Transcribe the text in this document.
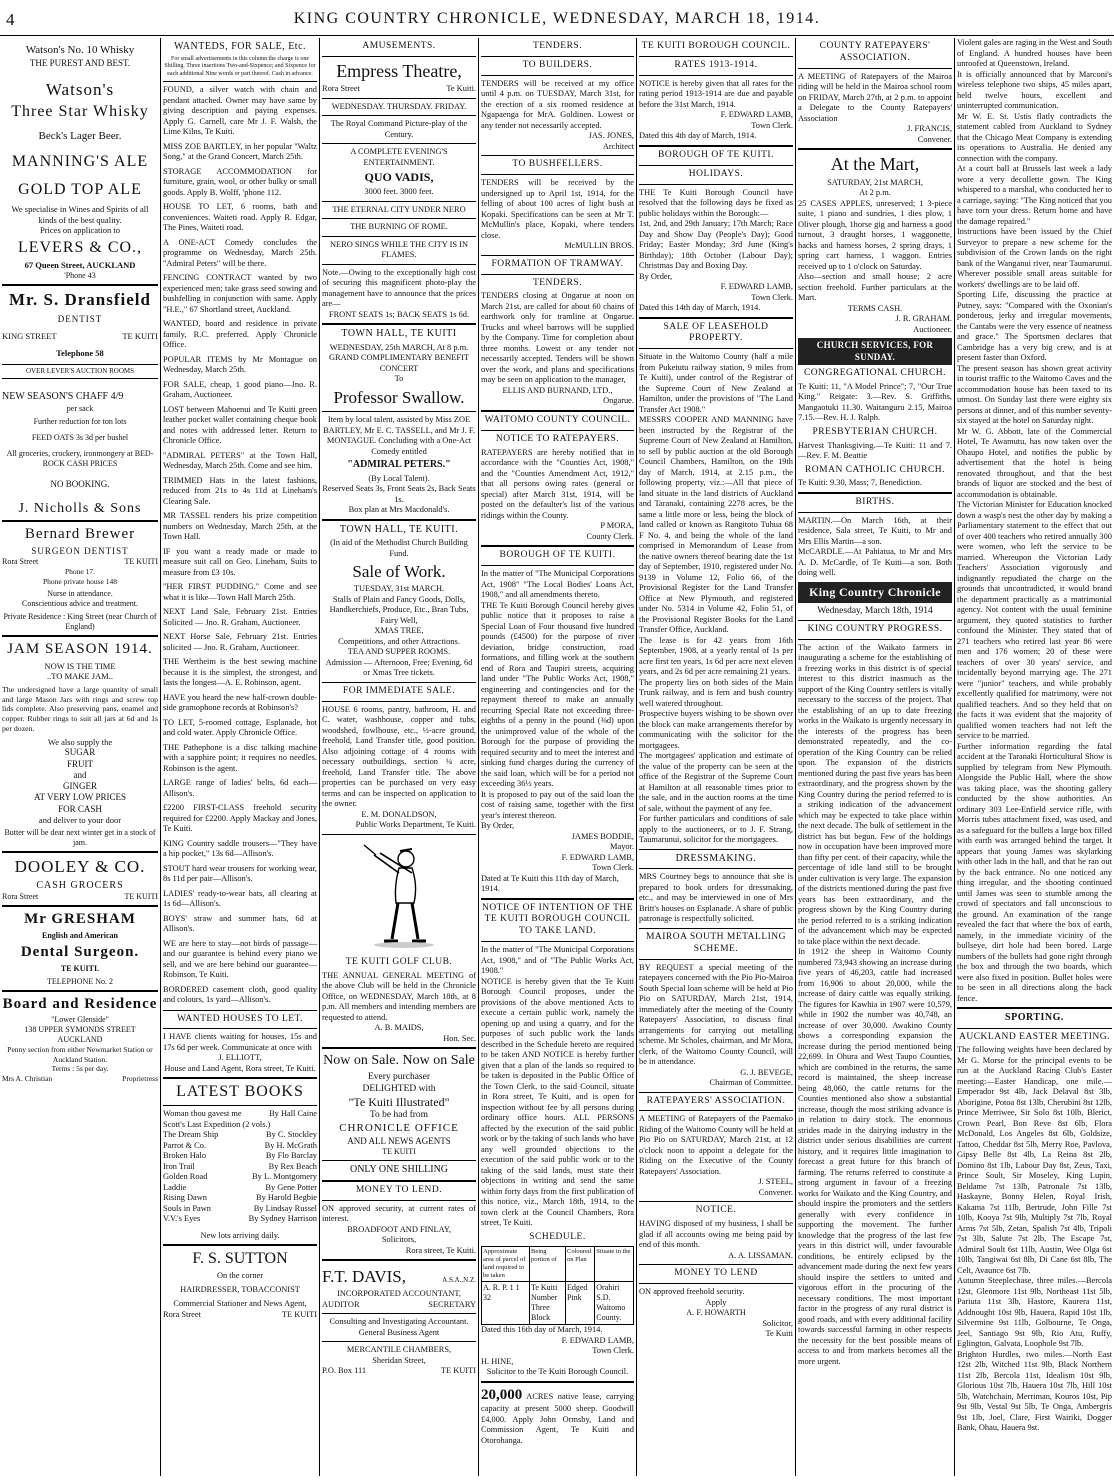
4	KING COUNTRY CHRONICLE, WEDNESDAY, MARCH 18, 1914.
Watson's No. 10 Whisky
THE PUREST AND BEST.
Watson's
Three Star Whisky
Beck's Lager Beer.
MANNING'S ALE
GOLD TOP ALE
We specialise in Wines and Spirits of all kinds of the best quality.
Prices on application to
LEVERS & CO.,
67 Queen Street, AUCKLAND
'Phone 43
Mr. S. Dransfield
DENTIST
KING STREET	TE KUITI
Telephone 58
OVER LEVER'S AUCTION ROOMS
NEW SEASON'S CHAFF 4/9
per sack
Further reduction for ton lots
FEED OATS 3s 3d per bushel
All groceries, crockery, ironmongery at BED-ROCK CASH PRICES
NO BOOKING.
J. Nicholls & Sons
Bernard Brewer
SURGEON DENTIST
Rora Street	TE KUITI
Phone 17.
Phone private house 148
Nurse in attendance.
Conscientious advice and treatment.
Private Residence : King Street (near Church of England)
JAM SEASON 1914.
NOW IS THE TIME
..TO MAKE JAM..
The undersigned have a large quantity of small and large Mason Jars with rings and screw top lids complete. Also preserving pans, enamel and copper. Rubber rings to suit all jars at 6d and 1s per dozen.
We also supply the
SUGAR
FRUIT
and
GINGER
AT VERY LOW PRICES
FOR CASH
and deliver to your door
Butter will be dear next winter get in a stock of jam.
DOOLEY & CO.
CASH GROCERS
Rora Street	TE KUITI
Mr GRESHAM
English and American
Dental Surgeon.
TE KUITI.
TELEPHONE No. 2
Board and Residence
"Lower Glenside"
138 UPPER SYMONDS STREET
AUCKLAND
Penny section from either Newmarket Station or Auckland Station.
Terms : 5s per day.
Mrs A. Christian	Proprietress
WANTEDS, FOR SALE, Etc.
For small advertisements in this column the charge is one Shilling. Three insertions Two-and-Sixpence; and Sixpence for each additional Nine words or part thereof. Cash in advance.

FOUND, a silver watch with chain and pendant attached. Owner may have same by giving description and paying expenses. Apply G. Carnell, care Mr J. F. Walsh, the Lime Kilns, Te Kuiti.

MISS ZOE BARTLEY, in her popular "Waltz Song," at the Grand Concert, March 25th.

STORAGE ACCOMMODATION for furniture, grain, wool, or other bulky or small goods. Apply B. Wolff, 'phone 112.

HOUSE TO LET, 6 rooms, bath and conveniences. Waiteti road. Apply R. Edgar, The Pines, Waiteti road.

A ONE-ACT Comedy concludes the programme on Wednesday, March 25th. "Admiral Peters" will be there.

FENCING CONTRACT wanted by two experienced men; take grass seed sowing and bushfelling in conjunction with same. Apply "H.E.," 67 Shortland street, Auckland.

WANTED, board and residence in private family, R.C. preferred. Apply Chronicle Office.

POPULAR ITEMS by Mr Montague on Wednesday, March 25th.

FOR SALE, cheap, 1 good piano—Jno. R. Graham, Auctioneer.

LOST between Mahoenui and Te Kuiti green leather pocket wallet containing cheque book and notes with addressed letter. Return to Chronicle Office.

"ADMIRAL PETERS" at the Town Hall, Wednesday, March 25th. Come and see him.

TRIMMED Hats in the latest fashions, reduced from 21s to 4s 11d at Lineham's Clearing Sale.

MR TASSEL renders his prize competition numbers on Wednesday, March 25th, at the Town Hall.

IF you want a ready made or made to measure suit call on Geo. Lineham, Suits to measure from £3 10s.

"HER FIRST PUDDING." Come and see what it is like—Town Hall March 25th.

NEXT Land Sale, February 21st. Entries Solicited — Jno. R. Graham, Auctioneer.

NEXT Horse Sale, February 21st. Entries solicited — Jno. R. Graham, Auctioneer.

THE Wertheim is the best sewing machine because it is the simplest, the strongest, and lasts the longest—A. E. Robinson, agent.

HAVE you heard the new half-crown double-side gramophone records at Robinson's?

TO LET, 5-roomed cottage, Esplanade, hot and cold water. Apply Chronicle Office.

THE Pathephone is a disc talking machine with a sapphire point; it requires no needles. Robinson is the agent.

LARGE range of ladies' belts, 6d each—Allison's.

£2200 FIRST-CLASS freehold security required for £2200. Apply Mackay and Jones, Te Kuiti.

KING Country saddle trousers—"They have a hip pocket," 13s 6d—Allison's.

STOUT hard wear trousers for working wear, 8s 11d per pair—Allison's.

LADIES' ready-to-wear hats, all clearing at 1s 6d—Allison's.

BOYS' straw and summer hats, 6d at Allison's.

WE are here to stay—not birds of passage—and our guarantee is behind every piano we sell, and we are here behind our guarantee—Robinson, Te Kuiti.

BORDERED casement cloth, good quality and colours, 1s yard—Allison's.

WANTED HOUSES TO LET.

I HAVE clients waiting for houses, 15s and 17s 6d per week. Communicate at once with

J. ELLIOTT,
House and Land Agent, Rora street, Te Kuiti.
LATEST BOOKS
Woman thou gavest me	By Hall Caine
Scott's Last Expedition (2 vols.)
The Dream Ship	By C. Stockley
Parrot & Co.	By H. McGrath
Broken Halo	By Flo Barclay
Iron Trail	By Rex Beach
Golden Road	By L. Montgomery
Laddie	By Gene Potter
Rising Dawn	By Harold Begbie
Souls in Pawn	By Lindsay Russel
V.V.'s Eyes	By Sydney Harrison
New lots arriving daily.
F. S. SUTTON
On the corner
HAIRDRESSER, TOBACCONIST
Commercial Stationer and News Agent,
Rora Street	TE KUITI
AMUSEMENTS.
Empress Theatre,
Rora Street	Te Kuiti.
WEDNESDAY. THURSDAY. FRIDAY.
The Royal Command Picture-play of the Century.
A COMPLETE EVENING'S ENTERTAINMENT.
QUO VADIS,
3000 feet. 3000 feet.
THE ETERNAL CITY UNDER NERO
THE BURNING OF ROME.
NERO SINGS WHILE THE CITY IS IN FLAMES.

Note.—Owing to the exceptionally high cost of securing this magnificent photo-play the management have to announce that the prices are—

FRONT SEATS 1s; BACK SEATS 1s 6d.

TOWN HALL, TE KUITI
WEDNESDAY, 25th MARCH, At 8 p.m.
GRAND COMPLIMENTARY BENEFIT CONCERT
To
Professor Swallow.

Item by local talent, assisted by Miss ZOE BARTLEY, Mr E. C. TASSELL, and Mr J. F. MONTAGUE. Concluding with a One-Act Comedy entitled

"ADMIRAL PETERS."
(By Local Talent).
Reserved Seats 3s, Front Seats 2s, Back Seats 1s.
Box plan at Mrs Macdonald's.
TOWN HALL, TE KUITI.
(In aid of the Methodist Church Building Fund.
Sale of Work.
TUESDAY, 31st MARCH.

Stalls of Plain and Fancy Goods, Dolls, Handkerchiefs, Produce, Etc., Bran Tubs, Fairy Well,

XMAS TREE,
Competitions, and other Attractions.
TEA AND SUPPER ROOMS.

Admission — Afternoon, Free; Evening, 6d or Xmas Tree tickets.

FOR IMMEDIATE SALE.

HOUSE 6 rooms, pantry, bathroom, H. and C. water, washhouse, copper and tubs, woodshed, fowlhouse, etc., ½-acre ground, freehold, Land Transfer title, good position. Also adjoining cottage of 4 rooms with necessary outbuildings, section ¼ acre, freehold, Land Transfer title. The above properties can be purchased on very easy terms and can be inspected on application to the owner.

E. M. DONALDSON,
Public Works Department, Te Kuiti.
TE KUITI GOLF CLUB.

THE ANNUAL GENERAL MEETING of the above Club will be held in the Chronicle Office, on WEDNESDAY, March 18th, at 8 p.m. All members and intending members are requested to attend.

A. B. MAIDS,
Hon. Sec.
Now on Sale. Now on Sale
Every purchaser
DELIGHTED with
"Te Kuiti Illustrated"
To be had from
CHRONICLE OFFICE
AND ALL NEWS AGENTS
TE KUITI
ONLY ONE SHILLING
MONEY TO LEND.

ON approved security, at current rates of interest.

BROADFOOT AND FINLAY,
Solicitors,
Rora street, Te Kuiti.
F.T. DAVIS,	A.S.A.,N.Z.
INCORPORATED ACCOUNTANT,
AUDITOR	SECRETARY

Consulting and Investigating Accountant. General Business Agent

MERCANTILE CHAMBERS,
Sheridan Street,
P.O. Box 111	TE KUITI
TENDERS.
TO BUILDERS.

TENDERS will be received at my office until 4 p.m. on TUESDAY, March 31st, for the erection of a six roomed residence at Ngapaenga for MrA. Goldinen. Lowest or any tender not necessarily accepted.

JAS. JONES,
Architect
TO BUSHFELLERS.

TENDERS will be received by the undersigned up to April 1st, 1914, for the felling of about 100 acres of light bush at Kopaki. Specifications can be seen at Mr T. McMullin's place, Kopaki, where tenders close.

McMULLIN BROS.
FORMATION OF TRAMWAY.
TENDERS.

TENDERS closing at Ongarue at noon on March 21st, are called for about 60 chains of earthwork only for tramline at Ongarue. Trucks and wheel barrows will be supplied by the Company. Time for completion about three months. Lowest or any tender not necessarily accepted. Tenders will be shown over the work, and plans and specifications may be seen on application to the manager,

ELLIS AND BURNAND, LTD.,
Ongarue.
WAITOMO COUNTY COUNCIL.
NOTICE TO RATEPAYERS.

RATEPAYERS are hereby notified that in accordance with the "Counties Act, 1908," and the "Counties Amendment Act, 1912," that all persons owing rates (general or special) after March 31st, 1914, will be posted on the defaulter's list of the various ridings within the County.

P MORA,
County Clerk.
BOROUGH OF TE KUITI.

In the matter of "The Municipal Corporations Act, 1908" "The Local Bodies' Loans Act, 1908," and all amendments thereto.

THE Te Kuiti Borough Council hereby gives public notice that it proposes to raise a Special Loan of Four thousand five hundred pounds (£4500) for the purpose of river deviation, bridge construction, road formations, and filling work at the southern end of Rora and Taupiri streets, acquiring land under "The Public Works Act, 1908," engineering and contingencies and for the repayment thereof to make an annually recurring Special Rate not exceeding three-eighths of a penny in the pound (⅜d) upon the unimproved value of the whole of the Borough for the purpose of providing the required security and to meet the interest and sinking fund charges during the currency of the said loan, which will be for a period not exceeding 36½ years.

It is proposed to pay out of the said loan the cost of raising same, together with the first year's interest thereon.

By Order,
JAMES BODDIE,
Mayor.
F. EDWARD LAMB,
Town Clerk.
Dated at Te Kuiti this 11th day of March, 1914.
NOTICE OF INTENTION OF THE TE KUITI BOROUGH COUNCIL TO TAKE LAND.

In the matter of "The Municipal Corporations Act, 1908," and of "The Public Works Act, 1908."

NOTICE is hereby given that the Te Kuiti Borough Council proposes, under the provisions of the above mentioned Acts to execute a certain public work, namely the opening up and using a quarry, and for the purposes of such public work the lands described in the Schedule hereto are required to be taken AND NOTICE is hereby further given that a plan of the lands so required to be taken is deposited in the Public Office of the Town Clerk, to the said Council, situate in Rora street, Te Kuiti, and is open for inspection without fee by all persons during ordinary office hours. ALL PERSONS affected by the execution of the said public work or by the taking of such lands who have any well grounded objections to the execution of the said public work or to the taking of the said lands, must state their objections in writing and send the same within forty days from the first publication of this notice, viz., March 18th, 1914, to the town clerk at the Council Chambers, Rora street, Te Kuiti.

SCHEDULE.
Approximate area of parcel of land required to be taken	Being portion of	Coloured on Plan	Situate in the
A. R. P. 1 1 32	Te Kuiti Number Three Block	Edged Pink	Orahiri S.D. Waitomo County.
Dated this 16th day of March, 1914.
F. EDWARD LAMB,
Town Clerk.
H. HINE,
Solicitor to the Te Kuiti Borough Council.

20,000 ACRES native lease, carrying capacity at present 5000 sheep. Goodwill £4,000. Apply John Ormsby, Land and Commission Agent, Te Kuiti and Otorohanga.

TE KUITI BOROUGH COUNCIL.
RATES 1913-1914.

NOTICE is hereby given that all rates for the rating period 1913-1914 are due and payable before the 31st March, 1914.

F. EDWARD LAMB,
Town Clerk.
Dated this 4th day of March, 1914.
BOROUGH OF TE KUITI.
HOLIDAYS.

THE Te Kuiti Borough Council have resolved that the following days be fixed as public holidays within the Borough:—

1st, 2nd, and 29th January; 17th March; Race Day and Show Day (People's Day); Good Friday; Easter Monday; 3rd June (King's Birthday); 18th October (Labour Day); Christmas Day and Boxing Day.

By Order,
F. EDWARD LAMB,
Town Clerk.
Dated this 14th day of March, 1914.
SALE OF LEASEHOLD PROPERTY.

Situate in the Waitomo County (half a mile from Puketutu railway station, 9 miles from Te Kuiti), under control of the Registrar of the Supreme Court of New Zealand at Hamilton, under the provisions of "The Land Transfer Act 1908."

MESSRS COOPER AND MANNING have been instructed by the Registrar of the Supreme Court of New Zealand at Hamilton, to sell by public auction at the old Borough Council Chambers, Hamilton, on the 19th day of March, 1914, at 2.15 p.m., the following property, viz.:—All that piece of land situate in the land districts of Auckland and Taranaki, containing 2278 acres, be the same a little more or less, being the block of land called or known as Rangitoto Tuhua 68 F No. 4, and being the whole of the land comprised in Memorandum of Lease from the native owners thereof bearing date the 1st day of September, 1910, registered under No. 9139 in Volume 12, Folio 66, of the Provisional Register for the Land Transfer Office at New Plymouth, and registered under No. 5314 in Volume 42, Folio 51, of the Provisional Register Books for the Land Transfer Office, Auckland.

The lease is for 42 years from 16th September, 1908, at a yearly rental of 1s per acre first ten years, 1s 6d per acre next eleven years, and 2s 6d per acre remaining 21 years.

The property lies on both sides of the Main Trunk railway, and is fern and bush country well watered throughout.

Prospective buyers wishing to be shown over the block can make arrangements therefor by communicating with the solicitor for the mortgagees.

The mortgagees' application and estimate of the value of the property can be seen at the office of the Registrar of the Supreme Court at Hamilton at all reasonable times prior to the sale, and in the auction rooms at the time of sale, without the payment of any fee.

For further particulars and conditions of sale apply to the auctioneers, or to J. F. Strang, Taumarunui, solicitor for the mortgagees.

DRESSMAKING.

MRS Courtney begs to announce that she is prepared to book orders for dressmaking, etc., and may be interviewed in one of Mrs Britt's houses on Esplanade. A share of public patronage is respectfully solicited.

MAIROA SOUTH METALLING SCHEME.

BY REQUEST a special meeting of the ratepayers concerned with the Pio Pio-Mairoa South Special loan scheme will be held at Pio Pio on SATURDAY, March 21st, 1914, immediately after the meeting of the County Ratepayers' Association, to discuss final arrangements for carrying out metalling scheme. Mr Scholes, chairman, and Mr Mora, clerk, of the Waitomo County Council, will be in attendance.

G. J. BEVEGE,
Chairman of Committee.
RATEPAYERS' ASSOCIATION.

A MEETING of Ratepayers of the Paemako Riding of the Waitomo County will be held at Pio Pio on SATURDAY, March 21st, at 12 o'clock noon to appoint a delegate for the Riding on the Executive of the County Ratepayers' Association.

J. STEEL,
Convener.
NOTICE.

HAVING disposed of my business, I shall be glad if all accounts owing me being paid by end of this month.

A. A. LISSAMAN.
MONEY TO LEND

ON approved freehold security.

Apply
A. F. HOWARTH
Solicitor,
Te Kuiti
COUNTY RATEPAYERS' ASSOCIATION.

A MEETING of Ratepayers of the Mairoa riding will be held in the Mairoa school room on FRIDAY, March 27th, at 2 p.m. to appoint a Delegate to the County Ratepayers' Association

J. FRANCIS,
Convener.
At the Mart,
SATURDAY, 21st MARCH,
At 2 p.m.

25 CASES APPLES, unreserved; 1 3-piece suite, 1 piano and sundries, 1 dies plow, 1 Oliver plough, 1horse gig and harness a good turnout, 3 draught horses, 1 waggonette, hacks and harness horses, 2 spring drays, 1 spring cart harness, 1 waggon. Entries received up to 1 o'clock on Saturday.

Also—section and small house; 2 acre section freehold. Further particulars at the Mart.

TERMS CASH.
J. R. GRAHAM.
Auctioneer.
CHURCH SERVICES, FOR SUNDAY.
CONGREGATIONAL CHURCH.

Te Kuiti: 11, "A Model Prince"; 7, "Our True King." Reigate: 3.—Rev. S. Griffiths, Mangaotuki 11.30. Waitanguru 2.15, Mairoa 7.15.—Rev. H. J. Ralph.

PRESBYTERIAN CHURCH.

Harvest Thanksgiving.—Te Kuiti: 11 and 7.—Rev. F. M. Beattie

ROMAN CATHOLIC CHURCH.

Te Kuiti: 9.30, Mass; 7, Benediction.

BIRTHS.

MARTIN.—On March 16th, at their residence, Sala street, Te Kuiti, to Mr and Mrs Ellis Martin—a son.

McCARDLE.—At Pahiatua, to Mr and Mrs A. D. McCardle, of Te Kuiti—a son. Both doing well.

King Country Chronicle
Wednesday, March 18th, 1914
KING COUNTRY PROGRESS.

The action of the Waikato farmers in inaugurating a scheme for the establishing of a freezing works in this district is of special interest to this district inasmuch as the support of the King Country settlers is vitally necessary to the success of the project. That the establishing of an up to date freezing works in the Waikato is urgently necessary in the interests of the progress has been demonstrated repeatedly, and the co-operation of the King Country can be relied upon. The expansion of the districts mentioned during the past five years has been extraordinary, and the progress shown by the King Country during the period referred to is a striking indication of the advancement which may be expected to take place within the next decade. The bulk of settlement in the district has but begun. Few of the holdings now in occupation have been improved more than fifty per cent. of their capacity, while the percentage of idle land still to be brought under cultivation is very large. The expansion of the districts mentioned during the past five years has been extraordinary, and the progress shown by the King Country during the period referred to is a striking indication of the advancement which may be expected to take place within the next decade.

In 1912 the sheep in Waitomo County numbered 73,943 showing an increase during five years of 46,203, cattle had increased from 16,906 to about 20,000, while the increase of dairy cattle was equally striking. The figures for Kawhia in 1907 were 10,579, while in 1902 the number was 40,748, an increase of over 30,000. Awakino County shows a corresponding expansion the increase during the period mentioned being 22,699. In Ohura and West Taupo Counties, which are combined in the returns, the same record is maintained, the sheep increase being 48,060, the cattle returns for the Counties mentioned also show a substantial increase, though the most striking advance is in relation to dairy stock. The enormous strides made in the dairying industry in the district under serious disabilities are current history, and it requires little imagination to forecast a great future for this branch of farming. The returns referred to constitute a strong argument in favour of a freezing works for Waikato and the King Country, and should inspire the promoters and the settlers generally with every confidence in supporting the movement. The further knowledge that the progress of the last few years in this district will, under favourable conditions, be entirely eclipsed by the advancement made during the next few years should inspire the settlers to united and vigorous effort in the procuring of the necessary conditions. The most important factor in the progress of any rural district is good roads, and with every additional facility towards successful farming in other respects the necessity for the best possible means of access to and from markets becomes all the more urgent.

Violent gales are raging in the West and South of England. A hundred houses have been unroofed at Queenstown, Ireland.

It is officially announced that by Marconi's wireless telephone two ships, 45 miles apart, held twelve hours, excellent and uninterrupted communication.

Mr W. E. St. Ustis flatly contradicts the statement cabled from Auckland to Sydney that the Chicago Meat Company is extending its operations to Australia. He denied any connection with the company.

At a court ball at Brussels last week a lady wore a very decollette gown. The King whispered to a marshal, who conducted her to a carriage, saying: "The King noticed that you have torn your dress. Return home and have the damage repaired."

Instructions have been issued by the Chief Surveyor to prepare a new scheme for the subdivision of the Crown lands on the right bank of the Wanganui river, near Taumarunui. Wherever possible small areas suitable for workers' dwellings are to be laid off.

Sporting Life, discussing the practice at Putney, says: "Compared with the Oxonian's ponderous, jerky and irregular movements, the Cantabs were the very essence of neatness and grace." The Sportsmen declares that Cambridge has a very big crew, and is at present faster than Oxford.

The present season has shown great activity in tourist traffic to the Waitomo Caves and the accommodation house has been taxed to its utmost. On Sunday last there were eighty six persons at dinner, and of this number seventy-six stayed at the hotel on Saturday night.

Mr W. G. Abbott, late of the Commercial Hotel, Te Awamutu, has now taken over the Ohaupo Hotel, and notifies the public by advertisement that the hotel is being renovated throughout, and that the best brands of liquor are stocked and the best of accommodation is obtainable.

The Victorian Minister for Education knocked down a wasp's nest the other day by making a Parliamentary statement to the effect that out of over 400 teachers who retired annually 300 were women, who left the service to be married. Whereupon the Victorian Lady Teachers' Association vigorously and indignantly repudiated the charge on the grounds that uncontradicted, it would brand the department practically as a matrimonial agency. Not content with the usual feminine argument, they quoted statistics to further confound the Minister. They stated that of 271 teachers who retired last year 86 were men and 176 women; 20 of these were teachers of over 30 years' service, and incidentally beyond marrying age. The 271 were "junior" teachers, and while probably excellently qualified for matrimony, were not qualified teachers. And so they held that on the facts it was evident that the majority of qualified women teachers had not left the service to be married.

Further information regarding the fatal accident at the Taranaki Horticultural Show is supplied by telegram from New Plymouth. Alongside the Public Hall, where the show was taking place, was the shooting gallery conducted by the show authorities. An ordinary 303 Lee-Enfield service rifle, with Morris tubes attachment fixed, was used, and as a safeguard for the bullets a large box filled with earth was arranged behind the target. It appears that young James was skylarking with other lads in the hall, and that he ran out by the back entrance. No one noticed any thing irregular, and the shooting continued until James was seen to stumble among the crowd of spectators and fall unconscious to the ground. An examination of the range revealed the fact that where the box of earth, namely, in the immediate vicinity of the bullseye, dirt hole had been bored. Large numbers of the bullets had gone right through the box and through the two boards, which were also fixed in position. Bullet holes were to be seen in all directions along the back fence.

SPORTING.
AUCKLAND EASTER MEETING.

The following weights have been declared by Mr G. Morse for the principal events to be run at the Auckland Racing Club's Easter meeting:—Easter Handicap, one mile.—Emperador 9st 4lb, Jack Delaval 8st 3lb, Aborigine, Potoa 8st 13lb, Cherubini 8st 12lb, Prince Merriwee, Sir Solo 8st 10lb, Blerict, Crown Pearl, Bon Reve 8st 6lb, Flora McDonald, Los Angeles 8st 6lb, Goldsize, Tattoo, Cheddar 8st 5lb, Merry Roe, Pavlova, Gipsy Belle 8st 4lb, La Reina 8st 2lb, Domino 8st 1lb, Labour Day 8st, Zeus, Taxi, Prince Soult, Sir Moseley, King Lupin, Beldame 7st 13lb, Patronale 7st 13lb, Haskayne, Bonny Helen, Royal Irish, Kakama 7st 11lb, Bertrude, John Fille 7st 10lb, Kooya 7st 9lb, Multiply 7st 7lb, Royal Arms 7st 5lb, Zetan, Spalish 7st 4lb, Tripoli 7st 3lb, Salute 7st 2lb, The Escape 7st, Admiral Soult 6st 11lb, Austin, Wee Olga 6st 10lb, Tangiwai 6st 8lb, Di Cane 6st 8lb, The Celt, Avaunce 6st 7lb.

Autumn Steeplechase, three miles.—Bercola 12st, Glenmore 11st 9lb, Northeast 11st 5lb, Pariuta 11st 3lb, Hastore, Kaurera 11st, Addnought 10st 9lb, Hauera, Rapid 10st 1lb, Silvermine 9st 11lb, Golbourne, Te Onga, Jeel, Santiago 9st 9lb, Rio Atu, Ruffy, Eglington, Galvata, Loophole 9st 7lb.

Brighton Hurdles, two miles.—North East 12st 2lb, Witched 11st 9lb, Black Northern 11st 2lb, Bercola 11st, Idealism 10st 9lb, Glorious 10st 7lb, Hauera 10st 7lb, Hill 10st 5lb, Watchchain, Merriman, Kouros 10st, Pip 9st 9lb, Vestal 9st 5lb, Te Onga, Ambergris 9st 1lb, Joel, Clare, First Wairiki, Dogger Bank, Ohau, Hauera 9st.
